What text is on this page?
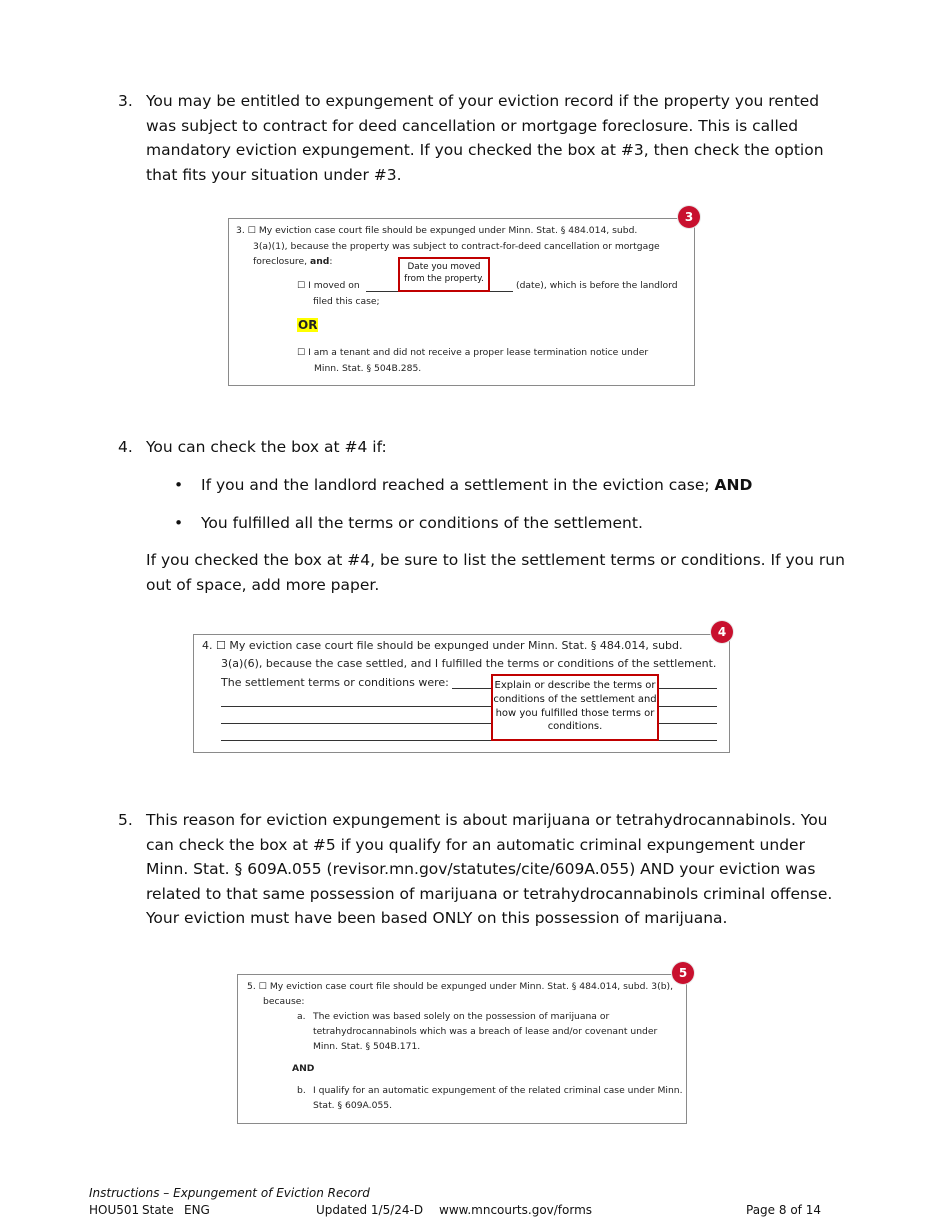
3. You may be entitled to expungement of your eviction record if the property you rented was subject to contract for deed cancellation or mortgage foreclosure. This is called mandatory eviction expungement. If you checked the box at #3, then check the option that fits your situation under #3.
3. ☐ My eviction case court file should be expunged under Minn. Stat. § 484.014, subd.
3(a)(1), because the property was subject to contract-for-deed cancellation or mortgage
foreclosure, and:
☐ I moved on	(date), which is before the landlord
filed this case;
OR
☐ I am a tenant and did not receive a proper lease termination notice under
Minn. Stat. § 504B.285.
Date you moved from the property.
3
4. You can check the box at #4 if:
• If you and the landlord reached a settlement in the eviction case; AND
• You fulfilled all the terms or conditions of the settlement.
If you checked the box at #4, be sure to list the settlement terms or conditions. If you run out of space, add more paper.
4. ☐ My eviction case court file should be expunged under Minn. Stat. § 484.014, subd.
3(a)(6), because the case settled, and I fulfilled the terms or conditions of the settlement.
The settlement terms or conditions were:	Explain or describe the terms or conditions of the settlement and how you fulfilled those terms or conditions.
4
5. This reason for eviction expungement is about marijuana or tetrahydrocannabinols. You can check the box at #5 if you qualify for an automatic criminal expungement under Minn. Stat. § 609A.055 (revisor.mn.gov/statutes/cite/609A.055) AND your eviction was related to that same possession of marijuana or tetrahydrocannabinols criminal offense. Your eviction must have been based ONLY on this possession of marijuana.
5. ☐ My eviction case court file should be expunged under Minn. Stat. § 484.014, subd. 3(b),
because:
a. The eviction was based solely on the possession of marijuana or
tetrahydrocannabinols which was a breach of lease and/or covenant under
Minn. Stat. § 504B.171.
AND
b. I qualify for an automatic expungement of the related criminal case under Minn.
Stat. § 609A.055.
5
Instructions – Expungement of Eviction Record
HOU501 State ENG	Updated 1/5/24-D www.mncourts.gov/forms	Page 8 of 14
